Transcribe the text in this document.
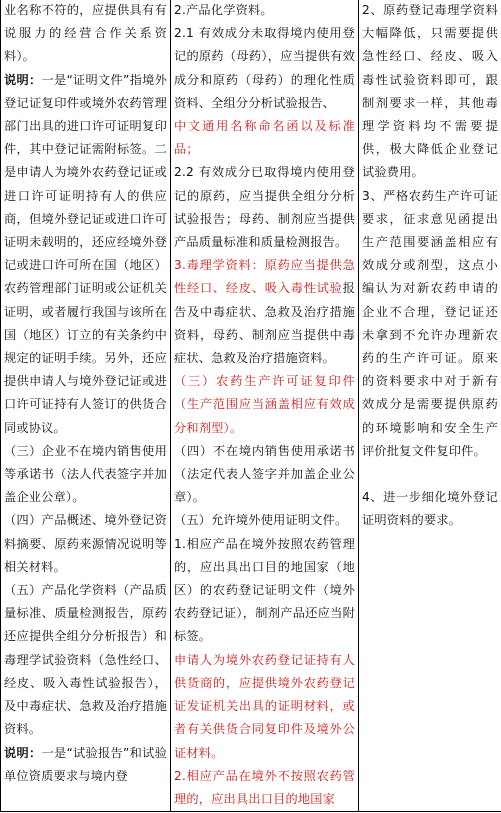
业名称不符的，应提供具有有说服力的经营合作关系资料）。

说明：一是“证明文件”指境外登记证复印件或境外农药管理部门出具的进口许可证明复印件，其中登记证需附标签。二是申请人为境外农药登记证或进口许可证明持有人的供应商，但境外登记证或进口许可证明未载明的，还应经境外登记或进口许可所在国（地区）农药管理部门证明或公证机关证明，或者履行我国与该所在国（地区）订立的有关条约中规定的证明手续。另外，还应提供申请人与境外登记证或进口许可证持有人签订的供货合同或协议。

（三）企业不在境内销售使用等承诺书（法人代表签字并加盖企业公章）。

（四）产品概述、境外登记资料摘要、原药来源情况说明等相关材料。

（五）产品化学资料（产品质量标准、质量检测报告，原药还应提供全组分分析报告）和毒理学试验资料（急性经口、经皮、吸入毒性试验报告），及中毒症状、急救及治疗措施资料。

说明：一是“试验报告”和试验单位资质要求与境内登

2.产品化学资料。

2.1 有效成分未取得境内使用登记的原药（母药），应当提供有效成分和原药（母药）的理化性质资料、全组分分析试验报告、

中文通用名称命名函以及标准品；

2.2 有效成分已取得境内使用登记的原药，应当提供全组分分析试验报告；母药、制剂应当提供产品质量标准和质量检测报告。

3.毒理学资料：原药应当提供急性经口、经皮、吸入毒性试验报告及中毒症状、急救及治疗措施资料，母药、制剂应当提供中毒症状、急救及治疗措施资料。

（三）农药生产许可证复印件（生产范围应当涵盖相应有效成分和剂型）。

（四）不在境内销售使用承诺书（法定代表人签字并加盖企业公章）。

（五）允许境外使用证明文件。

1.相应产品在境外按照农药管理的，应出具出口目的地国家（地区）的农药登记证明文件（境外农药登记证），制剂产品还应当附标签。

申请人为境外农药登记证持有人供货商的，应提供境外农药登记证发证机关出具的证明材料，或者有关供货合同复印件及境外公证材料。

2.相应产品在境外不按照农药管理的，应出具出口目的地国家

2、原药登记毒理学资料大幅降低，只需要提供急性经口、经皮、吸入毒性试验资料即可，跟制剂要求一样，其他毒理学资料均不需要提供，极大降低企业登记试验费用。

3、严格农药生产许可证要求，征求意见函提出生产范围要涵盖相应有效成分或剂型，这点小编认为对新农药申请的企业不合理，登记证还未拿到不允许办理新农药的生产许可证。原来的资料要求中对于新有效成分是需要提供原药的环境影响和安全生产评价批复文件复印件。

4、进一步细化境外登记证明资料的要求。
